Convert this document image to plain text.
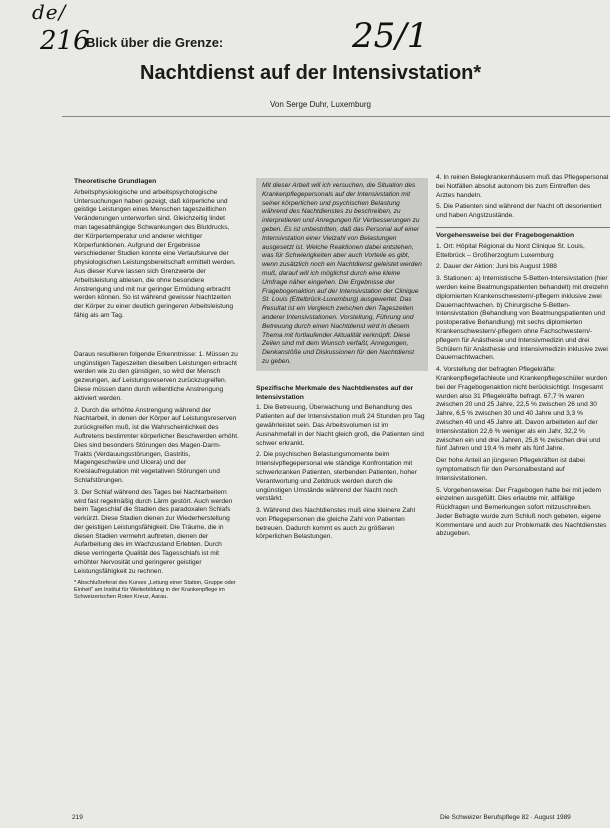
de/
216	25/1
Blick über die Grenze:
Nachtdienst auf der Intensivstation*
Von Serge Duhr, Luxemburg
Theoretische Grundlagen

Arbeitsphysiologische und arbeitspsychologische Untersuchungen haben gezeigt, daß körperliche und geistige Leistungen eines Menschen tageszeitlichen Veränderungen unterworfen sind. Gleichzeitig lindet man tagesabhängige Schwankungen des Blutdrucks, der Körpertemperatur und anderer wichtiger Körperfunktionen. Aufgrund der Ergebnisse verschiedener Studien konnte eine Verlaufskurve der physiologischen Leistungsbereitschaft ermittelt werden. Aus dieser Kurve lassen sich Grenzwerte der Arbeitsleistung ablesen, die ohne besondere Anstrengung und mit nur geringer Ermüdung erbracht werden können. So ist während gewisser Nachtzeiten der Körper zu einer deutlich geringeren Arbeitsleistung fähig als am Tag.

Daraus resultieren folgende Erkenntnisse: 1. Müssen zu ungünstigen Tageszeiten dieselben Leistungen erbracht werden wie zu den günstigen, so wird der Mensch gezwungen, auf Leistungsreserven zurückzugreifen. Diese müssen dann durch willentliche Anstrengung aktiviert werden.

2. Durch die erhöhte Anstrengung während der Nachtarbeit, in denen der Körper auf Leistungsreserven zurückgreifen muß, ist die Wahrscheinlichkeit des Auftretens bestimmter körperlicher Beschwerden erhöht. Dies sind besonders Störungen des Magen-Darm-Trakts (Verdauungsstörungen, Gastritis, Magengeschwüre und Ulcera) und der Kreislaufregulation mit vegetativen Störungen und Schlafstörungen.

3. Der Schlaf während des Tages bei Nachtarbeitern wird fast regelmäßig durch Lärm gestört. Auch werden beim Tageschlaf die Stadien des paradoxalen Schlafs verkürzt. Diese Stadien dienen zur Wiederherstellung der geistigen Leistungsfähigkeit. Die Träume, die in diesen Stadien vermehrt auftreten, dienen der Aufarbeitung des im Wachzustand Erlebten. Durch diese verringerte Qualität des Tagesschlafs ist mit erhöhter Nervosität und geringerer geistiger Leistungsfähigkeit zu rechnen.

* Abschlußreferat des Kurses „Leitung einer Station, Gruppe oder Einheit" am Institut für Weiterbildung in der Krankenpflege im Schweizerischen Roten Kreuz, Aarau.

Mit dieser Arbeit will ich versuchen, die Situation des Krankenpflegepersonals auf der Intensivstation mit seiner körperlichen und psychischen Belastung während des Nachtdienstes zu beschreiben, zu interpretieren und Anregungen für Verbesserungen zu geben. Es ist unbestritten, daß das Personal auf einer Intensivstation einer Vielzahl von Belastungen ausgesetzt ist. Welche Reaktionen dabei entstehen, was für Schwierigkeiten aber auch Vorteile es gibt, wenn zusätzlich noch ein Nachtdienst geleistet werden muß, darauf will ich möglichst durch eine kleine Umfrage näher eingehen. Die Ergebnisse der Fragebogenaktion auf der Intensivstation der Clinique St. Louis (Ettelbrück-Luxemburg) ausgewertet. Das Resultat ist ein Vergleich zwischen den Tageszeiten anderer Intensivstationen. Vorstellung, Führung und Betreuung durch einen Nachtdienst wird in diesem Thema mit fortlaufender Aktualität verknüpft. Diese Zeilen sind mit dem Wunsch verfaßt, Anregungen, Denkanstöße und Diskussionen für den Nachtdienst zu geben.
Spezifische Merkmale des Nachtdienstes auf der Intensivstation

1. Die Betreuung, Überwachung und Behandlung des Patienten auf der Intensivstation muß 24 Stunden pro Tag gewährleistet sein. Das Arbeitsvolumen ist im Ausnahmefall in der Nacht gleich groß, die Patienten sind schwer erkrankt.

2. Die psychischen Belastungsmomente beim Intensivpflegepersonal wie ständige Konfrontation mit schwerkranken Patienten, sterbenden Patienten, hoher Verantwortung und Zeitdruck werden durch die ungünstigen Umstände während der Nacht noch verstärkt.

3. Während des Nachtdienstes muß eine kleinere Zahl von Pflegepersonen die gleiche Zahl von Patienten betreuen. Dadurch kommt es auch zu größeren körperlichen Belastungen.

4. In reinen Belegkrankenhäusern muß das Pflegepersonal bei Notfällen absolut autonom bis zum Eintreffen des Arztes handeln.

5. Die Patienten sind während der Nacht oft desorientiert und haben Angstzustände.

Vorgehensweise bei der Fragebogenaktion

1. Ort: Hôpital Régional du Nord Clinique St. Louis, Ettelbrück – Großherzogtum Luxemburg

2. Dauer der Aktion: Juni bis August 1988

3. Stationen: a) Internistische 5-Betten-Intensivstation (hier werden keine Beatmungspatienten behandelt) mit dreizehn diplomierten Krankenschwestern/-pflegern inklusive zwei Dauernachtwachen. b) Chirurgische 5-Betten-Intensivstation (Behandlung von Beatmungspatienten und postoperative Behandlung) mit sechs diplomierten Krankenschwestern/-pflegern ohne Fachschwestern/-pflegern für Anästhesie und Intensivmedizin und drei Schülern für Anästhesie und Intensivmedizin inklusive zwei Dauernachtwachen.

4. Vorstellung der befragten Pflegekräfte: Krankenpflegefachleute und Krankenpflegeschüler wurden bei der Fragebogenaktion nicht berücksichtigt. Insgesamt wurden also 31 Pflegekräfte befragt. 67,7 % waren zwischen 20 und 25 Jahre, 22,5 % zwischen 26 und 30 Jahre, 6,5 % zwischen 30 und 40 Jahre und 3,3 % zwischen 40 und 45 Jahre alt. Davon arbeiteten auf der Intensivstation 22,6 % weniger als ein Jahr, 32,2 % zwischen ein und drei Jahren, 25,8 % zwischen drei und fünf Jahren und 19,4 % mehr als fünf Jahre.

Der hohe Anteil an jüngeren Pflegekräften ist dabei symptomatisch für den Personalbestand auf Intensivstationen.

5. Vorgehensweise: Der Fragebogen hatte bei mit jedem einzelnen ausgefüllt. Dies erlaubte mir, allfällige Rückfragen und Bemerkungen sofort mitzuschreiben. Jeder Befragte wurde zum Schluß noch gebeten, eigene Kommentare und auch zur Problematik des Nachtdienstes abzugeben.

219	Die Schweizer Berufspflege 82 · August 1989
